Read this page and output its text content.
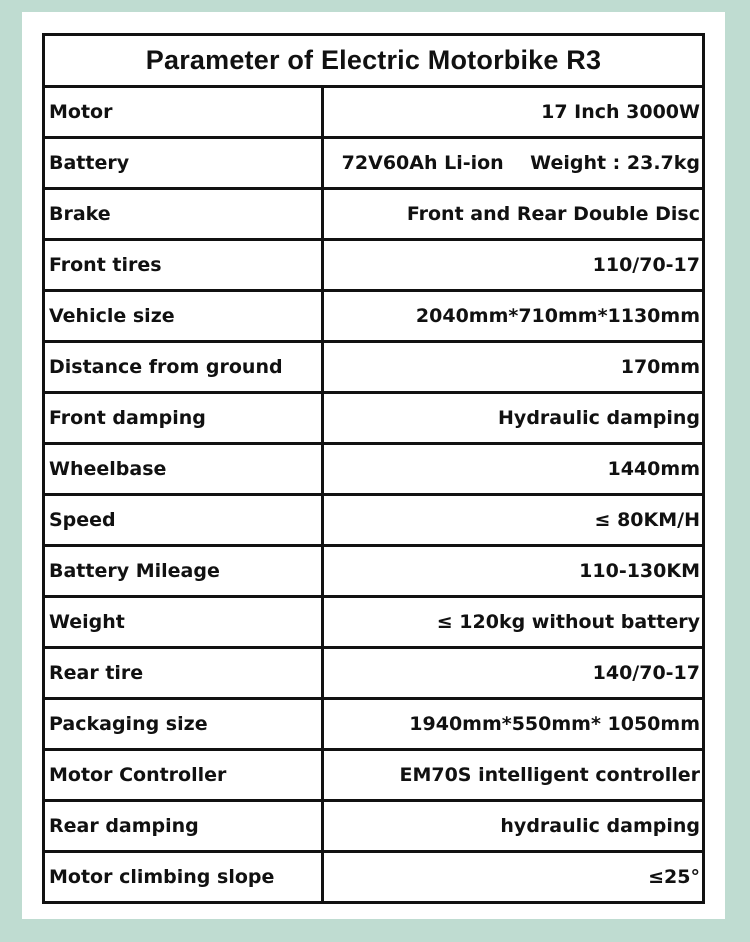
Parameter of Electric Motorbike R3
Motor	17 Inch 3000W
Battery	72V60Ah Li-ion    Weight : 23.7kg
Brake	Front and Rear Double Disc
Front tires	110/70-17
Vehicle size	2040mm*710mm*1130mm
Distance from ground	170mm
Front damping	Hydraulic damping
Wheelbase	1440mm
Speed	≤ 80KM/H
Battery Mileage	110-130KM
Weight	≤ 120kg without battery
Rear tire	140/70-17
Packaging size	1940mm*550mm* 1050mm
Motor Controller	EM70S intelligent controller
Rear damping	hydraulic damping
Motor climbing slope	≤25°
